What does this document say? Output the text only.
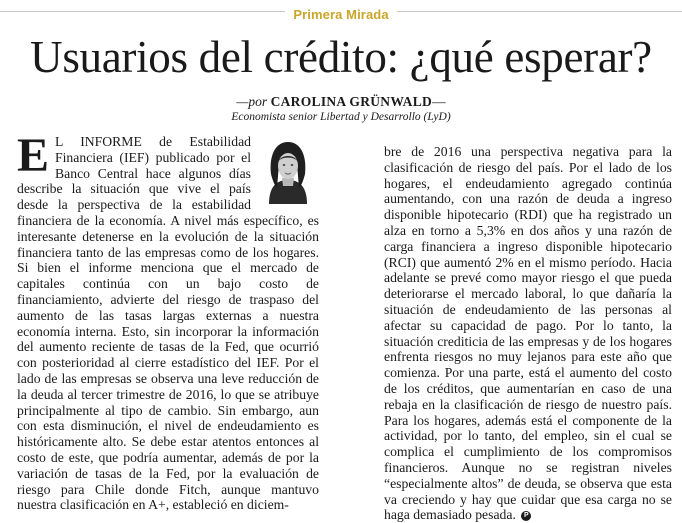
Primera Mirada
Usuarios del crédito: ¿qué esperar?
—por CAROLINA GRÜNWALD—
Economista senior Libertad y Desarrollo (LyD)
E L INFORME de Estabilidad Financiera (IEF) publicado por el Banco Central hace algunos días describe la situación que vive el país desde la perspectiva de la estabilidad financiera de la economía. A nivel más específico, es interesante detenerse en la evolución de la situación financiera tanto de las empresas como de los hogares. Si bien el informe menciona que el mercado de capitales continúa con un bajo costo de financiamiento, advierte del riesgo de traspaso del aumento de las tasas largas externas a nuestra economía interna. Esto, sin incorporar la información del aumento reciente de tasas de la Fed, que ocurrió con posterioridad al cierre estadístico del IEF. Por el lado de las empresas se observa una leve reducción de la deuda al tercer trimestre de 2016, lo que se atribuye principalmente al tipo de cambio. Sin embargo, aun con esta disminución, el nivel de endeudamiento es históricamente alto. Se debe estar atentos entonces al costo de este, que podría aumentar, además de por la variación de tasas de la Fed, por la evaluación de riesgo para Chile donde Fitch, aunque mantuvo nuestra clasificación en A+, estableció en diciem-
bre de 2016 una perspectiva negativa para la clasificación de riesgo del país. Por el lado de los hogares, el endeudamiento agregado continúa aumentando, con una razón de deuda a ingreso disponible hipotecario (RDI) que ha registrado un alza en torno a 5,3% en dos años y una razón de carga financiera a ingreso disponible hipotecario (RCI) que aumentó 2% en el mismo período. Hacia adelante se prevé como mayor riesgo el que pueda deteriorarse el mercado laboral, lo que dañaría la situación de endeudamiento de las personas al afectar su capacidad de pago. Por lo tanto, la situación crediticia de las empresas y de los hogares enfrenta riesgos no muy lejanos para este año que comienza. Por una parte, está el aumento del costo de los créditos, que aumentarían en caso de una rebaja en la clasificación de riesgo de nuestro país. Para los hogares, además está el componente de la actividad, por lo tanto, del empleo, sin el cual se complica el cumplimiento de los compromisos financieros. Aunque no se registran niveles “especialmente altos” de deuda, se observa que esta va creciendo y hay que cuidar que esa carga no se haga demasiado pesada. P
